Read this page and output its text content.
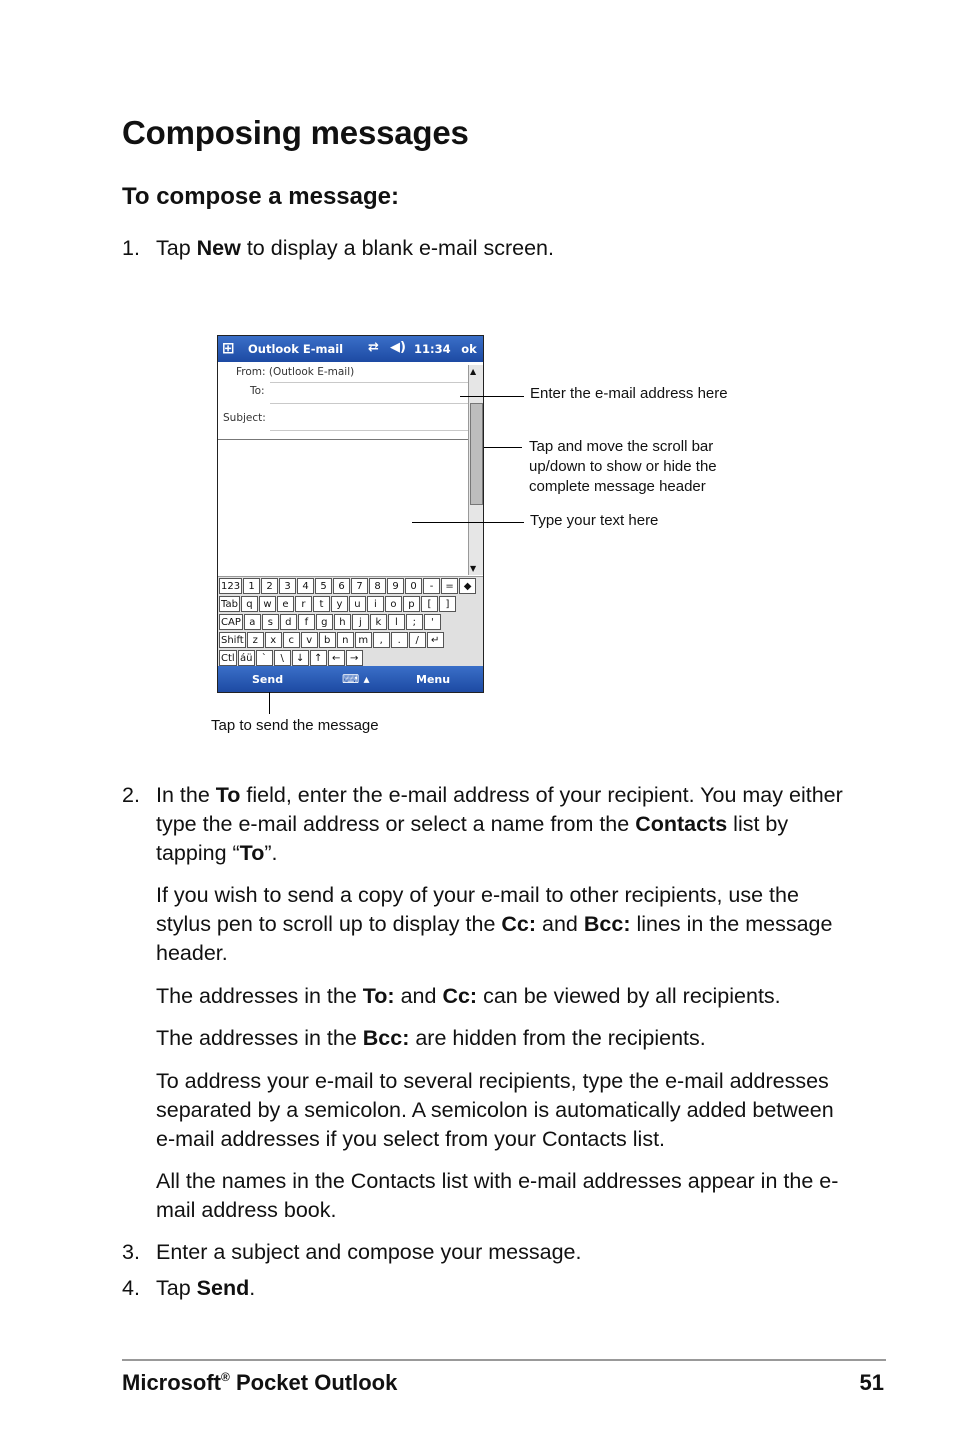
Composing messages
To compose a message:
1. Tap New to display a blank e-mail screen.

⊞ Outlook E-mail ⇄ ◀) 11:34 ok
From: (Outlook E-mail)
To:
Subject:
▲
▼
123 1	2	3	4	5	6	7	8	9	0	-	= ◆
Tab q	w	e	r	t	y	u	i	o	p	[	]
CAP a	s	d	f	g	h	j	k	l	;	'
Shift z	x	c	v	b	n m	,	.	/	↵
Ctl áü `	\	↓ ↑ ← →
Send	⌨ ▴	Menu
Enter the e-mail address here
Tap and move the scroll bar
up/down to show or hide the
complete message header
Type your text here
Tap to send the message
2. In the To field, enter the e-mail address of your recipient. You may either type the e-mail address or select a name from the Contacts list by tapping “To”.

If you wish to send a copy of your e-mail to other recipients, use the stylus pen to scroll up to display the Cc: and Bcc: lines in the message header.

The addresses in the To: and Cc: can be viewed by all recipients.

The addresses in the Bcc: are hidden from the recipients.

To address your e-mail to several recipients, type the e-mail addresses separated by a semicolon. A semicolon is automatically added between e-mail addresses if you select from your Contacts list.

All the names in the Contacts list with e-mail addresses appear in the e-mail address book.

3. Enter a subject and compose your message.

4. Tap Send.

Microsoft® Pocket Outlook	51
